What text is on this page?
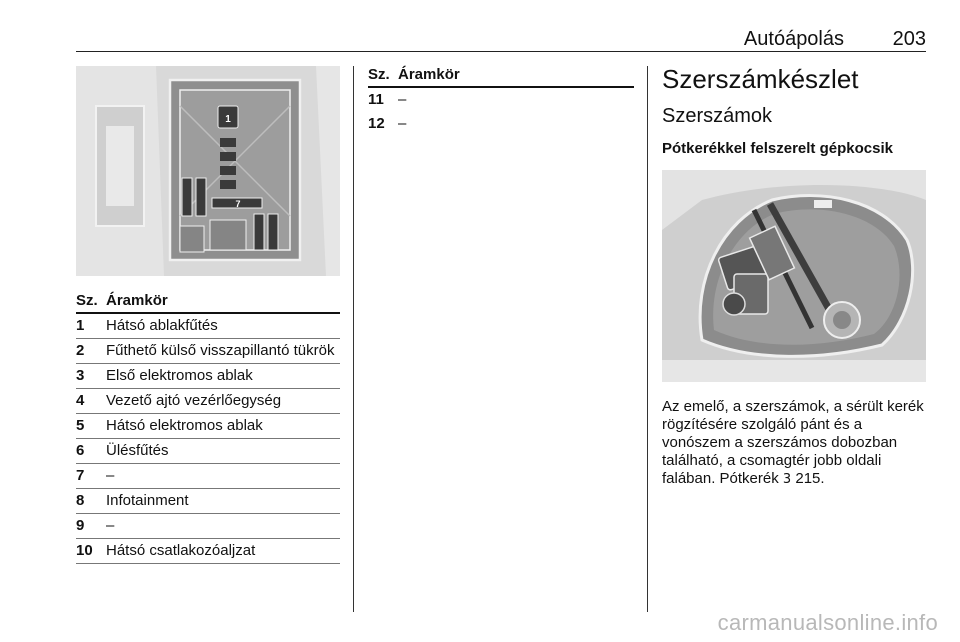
Autóápolás 203
1
7
Sz. Áramkör
1	Hátsó ablakfűtés
2	Fűthető külső visszapillantó tükrök
3	Első elektromos ablak
4	Vezető ajtó vezérlőegység
5	Hátsó elektromos ablak
6	Ülésfűtés
7	–
8	Infotainment
9	–
10 Hátsó csatlakozóaljzat
Sz. Áramkör
11 –
12 –
Szerszámkészlet
Szerszámok
Pótkerékkel felszerelt gépkocsik

Az emelő, a szerszámok, a sérült kerék rögzítésére szolgáló pánt és a vonószem a szerszámos dobozban található, a csomagtér jobb oldali falában. Pótkerék 3 215.

carmanualsonline.info
